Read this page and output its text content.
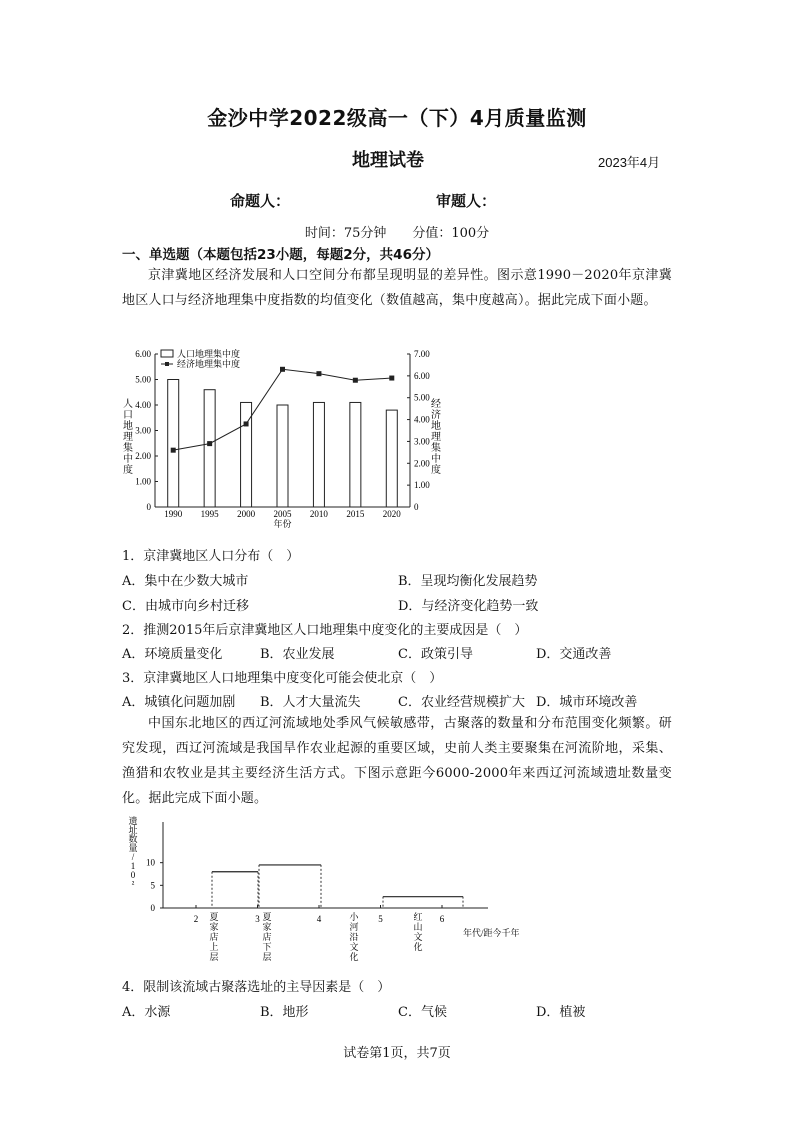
金沙中学2022级高一（下）4月质量监测
地理试卷	2023年4月
命题人：	审题人：
时间：75分钟　　分值：100分
一、单选题（本题包括23小题，每题2分，共46分）
京津冀地区经济发展和人口空间分布都呈现明显的差异性。图示意1990－2020年京津冀地区人口与经济地理集中度指数的均值变化（数值越高，集中度越高）。据此完成下面小题。
0
1.00
2.00
3.00
4.00
5.00
6.00
0
1.00
2.00
3.00
4.00
5.00
6.00
7.00
1990 1995 2000 2005 2010 2015 2020
年份
人口地理集中度
经济地理集中度
人
口
地
理
集
中
度
经
济
地
理
集
中
度
1．京津冀地区人口分布（　）
A．集中在少数大城市	B．呈现均衡化发展趋势
C．由城市向乡村迁移	D．与经济变化趋势一致
2．推测2015年后京津冀地区人口地理集中度变化的主要成因是（　）
A．环境质量变化	B．农业发展	C．政策引导	D．交通改善
3．京津冀地区人口地理集中度变化可能会使北京（　）
A．城镇化问题加剧 B．人才大量流失	C．农业经营规模扩大 D．城市环境改善
中国东北地区的西辽河流域地处季风气候敏感带，古聚落的数量和分布范围变化频繁。研究发现，西辽河流域是我国旱作农业起源的重要区域，史前人类主要聚集在河流阶地，采集、渔猎和农牧业是其主要经济生活方式。下图示意距今6000-2000年来西辽河流域遗址数量变化。据此完成下面小题。
0
5
10
2	3	4	5	6
夏
家
店
上
层
夏
家
店
下
层
小
河
沿
文
化
红
山
文
化
遗
址
数
量
/
1
0
²
年代/距今千年
4．限制该流域古聚落选址的主导因素是（　）
A．水源	B．地形	C．气候	D．植被
试卷第1页，共7页
